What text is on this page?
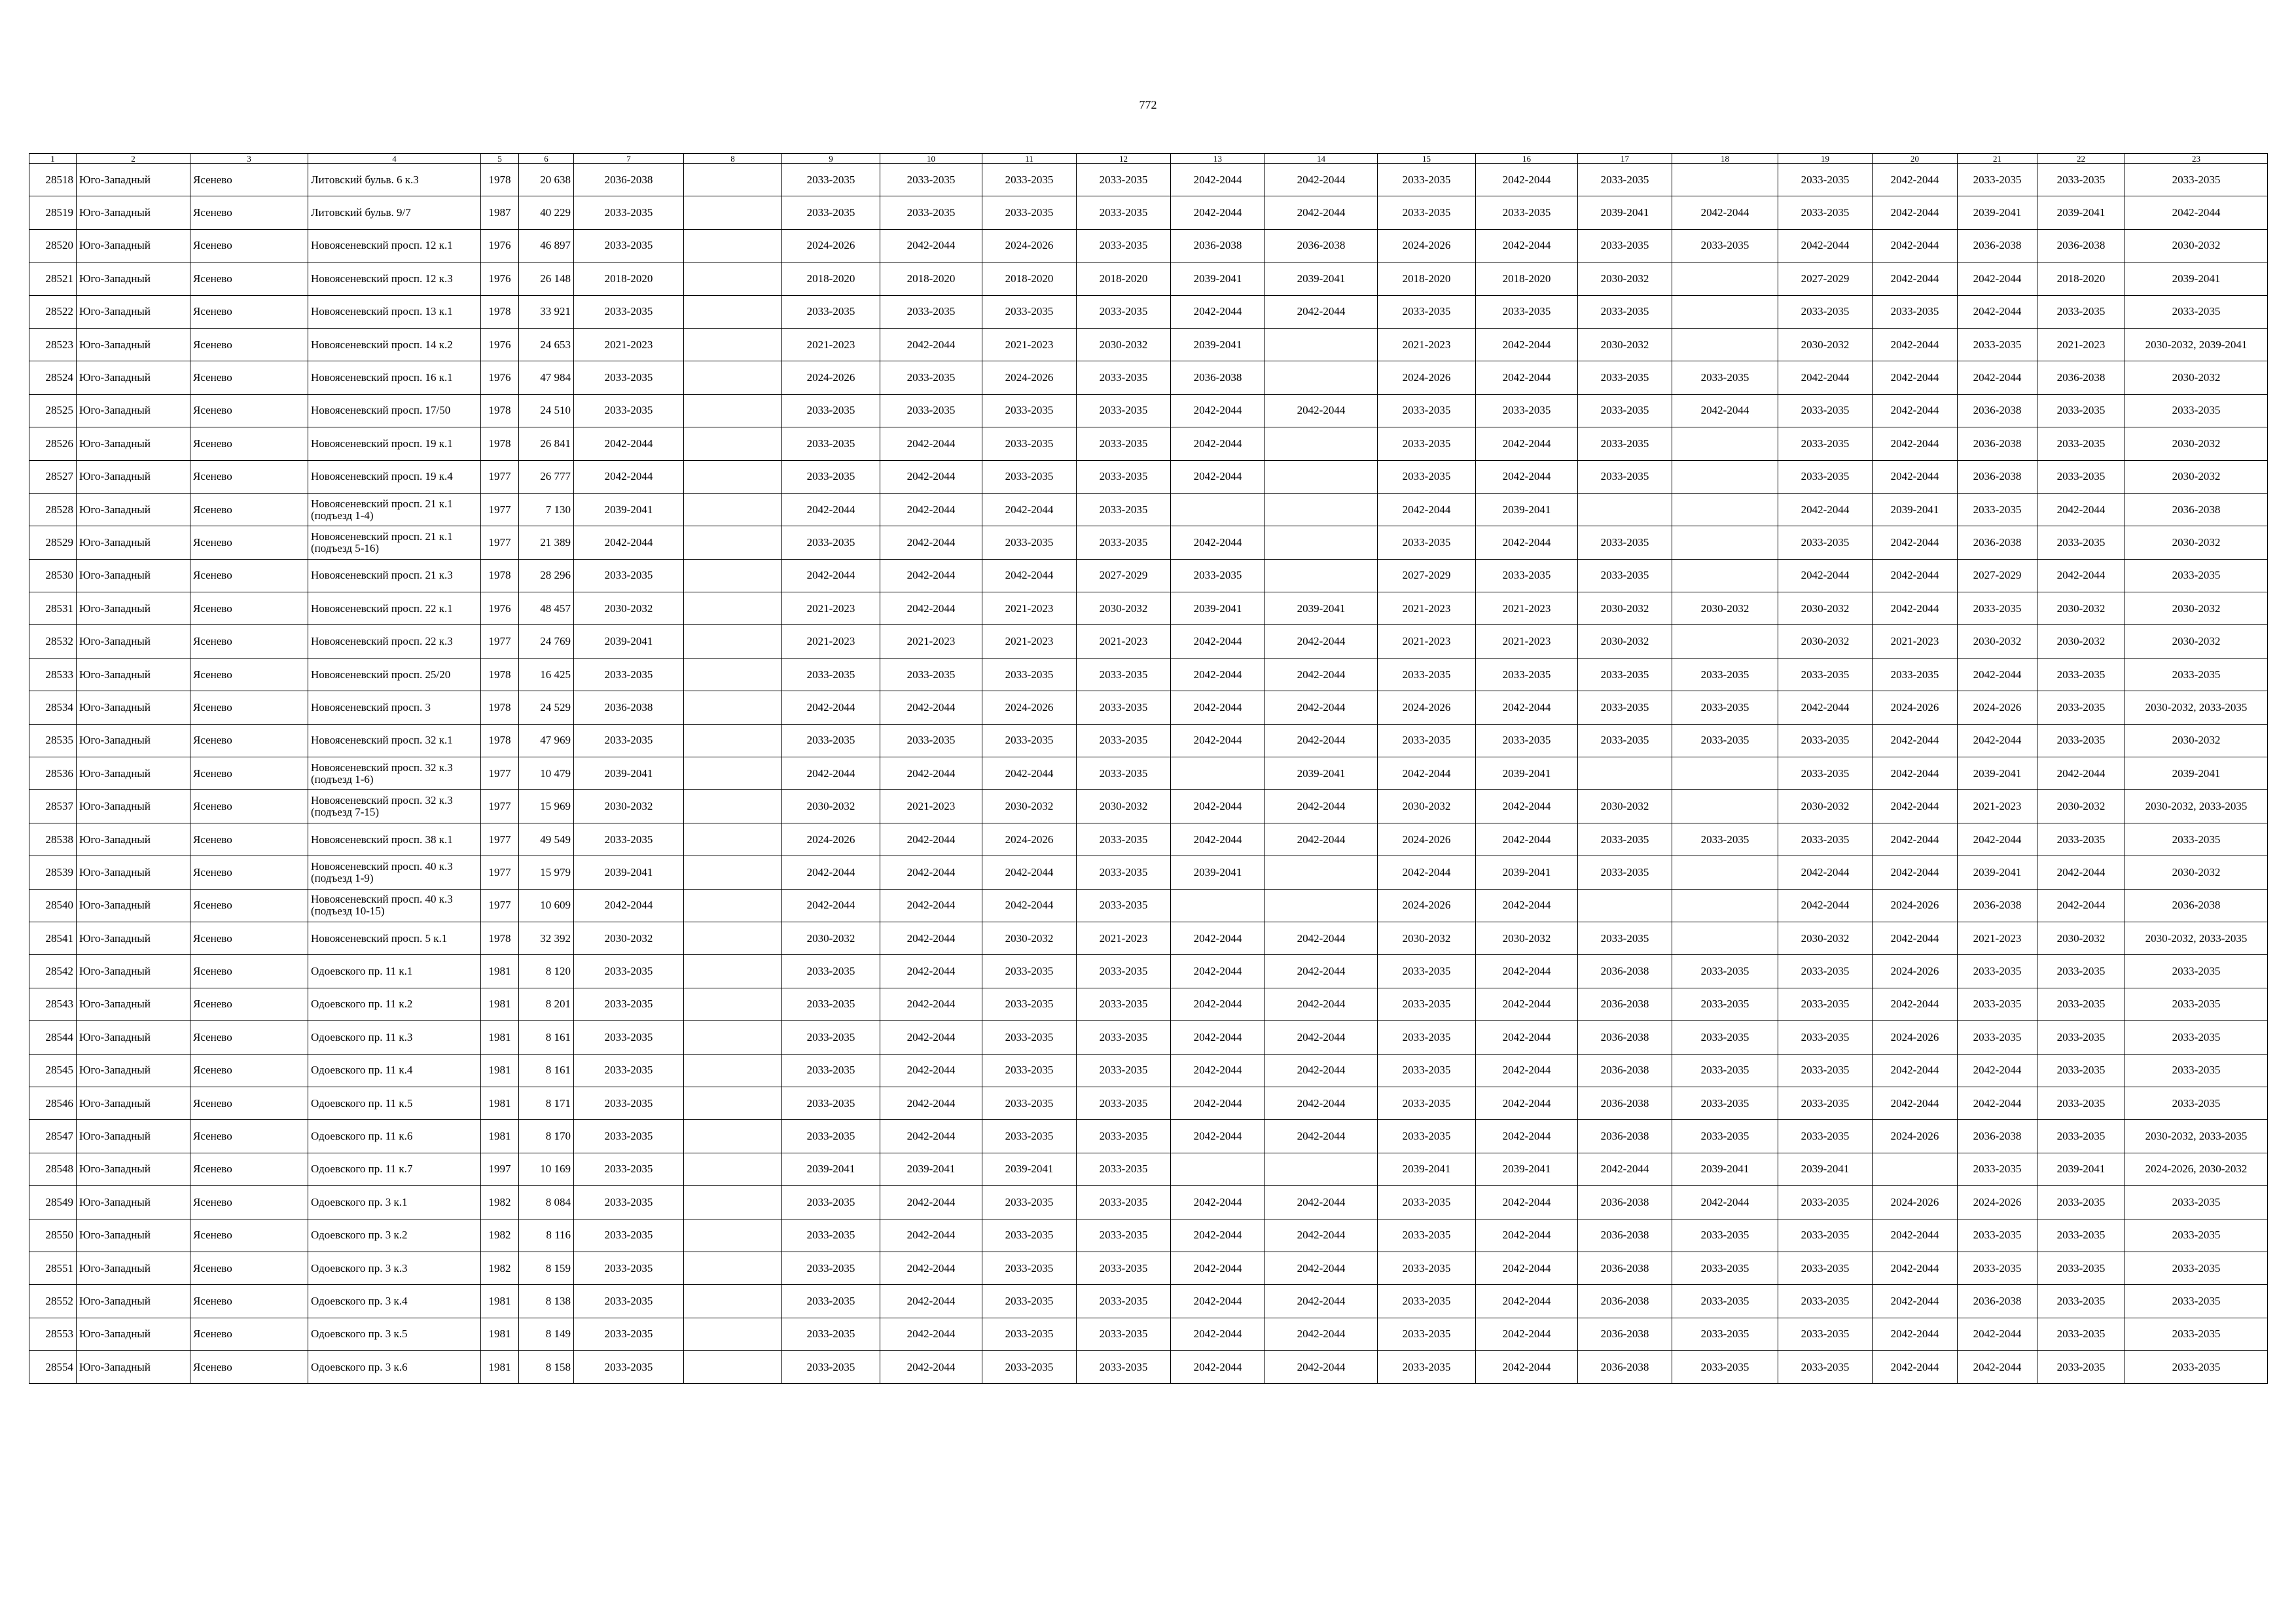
772
1	2	3	4	5	6	7	8	9	10	11	12	13	14	15	16	17	18	19	20	21	22	23
28518	Юго-Западный	Ясенево	Литовский бульв. 6 к.3	1978	20 638	2036-2038		2033-2035	2033-2035	2033-2035	2033-2035	2042-2044	2042-2044	2033-2035	2042-2044	2033-2035		2033-2035	2042-2044	2033-2035	2033-2035	2033-2035
28519	Юго-Западный	Ясенево	Литовский бульв. 9/7	1987	40 229	2033-2035		2033-2035	2033-2035	2033-2035	2033-2035	2042-2044	2042-2044	2033-2035	2033-2035	2039-2041	2042-2044	2033-2035	2042-2044	2039-2041	2039-2041	2042-2044
28520	Юго-Западный	Ясенево	Новоясеневский просп. 12 к.1	1976	46 897	2033-2035		2024-2026	2042-2044	2024-2026	2033-2035	2036-2038	2036-2038	2024-2026	2042-2044	2033-2035	2033-2035	2042-2044	2042-2044	2036-2038	2036-2038	2030-2032
28521	Юго-Западный	Ясенево	Новоясеневский просп. 12 к.3	1976	26 148	2018-2020		2018-2020	2018-2020	2018-2020	2018-2020	2039-2041	2039-2041	2018-2020	2018-2020	2030-2032		2027-2029	2042-2044	2042-2044	2018-2020	2039-2041
28522	Юго-Западный	Ясенево	Новоясеневский просп. 13 к.1	1978	33 921	2033-2035		2033-2035	2033-2035	2033-2035	2033-2035	2042-2044	2042-2044	2033-2035	2033-2035	2033-2035		2033-2035	2033-2035	2042-2044	2033-2035	2033-2035
28523	Юго-Западный	Ясенево	Новоясеневский просп. 14 к.2	1976	24 653	2021-2023		2021-2023	2042-2044	2021-2023	2030-2032	2039-2041		2021-2023	2042-2044	2030-2032		2030-2032	2042-2044	2033-2035	2021-2023	2030-2032, 2039-2041
28524	Юго-Западный	Ясенево	Новоясеневский просп. 16 к.1	1976	47 984	2033-2035		2024-2026	2033-2035	2024-2026	2033-2035	2036-2038		2024-2026	2042-2044	2033-2035	2033-2035	2042-2044	2042-2044	2042-2044	2036-2038	2030-2032
28525	Юго-Западный	Ясенево	Новоясеневский просп. 17/50	1978	24 510	2033-2035		2033-2035	2033-2035	2033-2035	2033-2035	2042-2044	2042-2044	2033-2035	2033-2035	2033-2035	2042-2044	2033-2035	2042-2044	2036-2038	2033-2035	2033-2035
28526	Юго-Западный	Ясенево	Новоясеневский просп. 19 к.1	1978	26 841	2042-2044		2033-2035	2042-2044	2033-2035	2033-2035	2042-2044		2033-2035	2042-2044	2033-2035		2033-2035	2042-2044	2036-2038	2033-2035	2030-2032
28527	Юго-Западный	Ясенево	Новоясеневский просп. 19 к.4	1977	26 777	2042-2044		2033-2035	2042-2044	2033-2035	2033-2035	2042-2044		2033-2035	2042-2044	2033-2035		2033-2035	2042-2044	2036-2038	2033-2035	2030-2032
28528	Юго-Западный	Ясенево	Новоясеневский просп. 21 к.1 (подъезд 1-4)	1977	7 130	2039-2041		2042-2044	2042-2044	2042-2044	2033-2035			2042-2044	2039-2041			2042-2044	2039-2041	2033-2035	2042-2044	2036-2038
28529	Юго-Западный	Ясенево	Новоясеневский просп. 21 к.1 (подъезд 5-16)	1977	21 389	2042-2044		2033-2035	2042-2044	2033-2035	2033-2035	2042-2044		2033-2035	2042-2044	2033-2035		2033-2035	2042-2044	2036-2038	2033-2035	2030-2032
28530	Юго-Западный	Ясенево	Новоясеневский просп. 21 к.3	1978	28 296	2033-2035		2042-2044	2042-2044	2042-2044	2027-2029	2033-2035		2027-2029	2033-2035	2033-2035		2042-2044	2042-2044	2027-2029	2042-2044	2033-2035
28531	Юго-Западный	Ясенево	Новоясеневский просп. 22 к.1	1976	48 457	2030-2032		2021-2023	2042-2044	2021-2023	2030-2032	2039-2041	2039-2041	2021-2023	2021-2023	2030-2032	2030-2032	2030-2032	2042-2044	2033-2035	2030-2032	2030-2032
28532	Юго-Западный	Ясенево	Новоясеневский просп. 22 к.3	1977	24 769	2039-2041		2021-2023	2021-2023	2021-2023	2021-2023	2042-2044	2042-2044	2021-2023	2021-2023	2030-2032		2030-2032	2021-2023	2030-2032	2030-2032	2030-2032
28533	Юго-Западный	Ясенево	Новоясеневский просп. 25/20	1978	16 425	2033-2035		2033-2035	2033-2035	2033-2035	2033-2035	2042-2044	2042-2044	2033-2035	2033-2035	2033-2035	2033-2035	2033-2035	2033-2035	2042-2044	2033-2035	2033-2035
28534	Юго-Западный	Ясенево	Новоясеневский просп. 3	1978	24 529	2036-2038		2042-2044	2042-2044	2024-2026	2033-2035	2042-2044	2042-2044	2024-2026	2042-2044	2033-2035	2033-2035	2042-2044	2024-2026	2024-2026	2033-2035	2030-2032, 2033-2035
28535	Юго-Западный	Ясенево	Новоясеневский просп. 32 к.1	1978	47 969	2033-2035		2033-2035	2033-2035	2033-2035	2033-2035	2042-2044	2042-2044	2033-2035	2033-2035	2033-2035	2033-2035	2033-2035	2042-2044	2042-2044	2033-2035	2030-2032
28536	Юго-Западный	Ясенево	Новоясеневский просп. 32 к.3 (подъезд 1-6)	1977	10 479	2039-2041		2042-2044	2042-2044	2042-2044	2033-2035		2039-2041	2042-2044	2039-2041			2033-2035	2042-2044	2039-2041	2042-2044	2039-2041
28537	Юго-Западный	Ясенево	Новоясеневский просп. 32 к.3 (подъезд 7-15)	1977	15 969	2030-2032		2030-2032	2021-2023	2030-2032	2030-2032	2042-2044	2042-2044	2030-2032	2042-2044	2030-2032		2030-2032	2042-2044	2021-2023	2030-2032	2030-2032, 2033-2035
28538	Юго-Западный	Ясенево	Новоясеневский просп. 38 к.1	1977	49 549	2033-2035		2024-2026	2042-2044	2024-2026	2033-2035	2042-2044	2042-2044	2024-2026	2042-2044	2033-2035	2033-2035	2033-2035	2042-2044	2042-2044	2033-2035	2033-2035
28539	Юго-Западный	Ясенево	Новоясеневский просп. 40 к.3 (подъезд 1-9)	1977	15 979	2039-2041		2042-2044	2042-2044	2042-2044	2033-2035	2039-2041		2042-2044	2039-2041	2033-2035		2042-2044	2042-2044	2039-2041	2042-2044	2030-2032
28540	Юго-Западный	Ясенево	Новоясеневский просп. 40 к.3 (подъезд 10-15)	1977	10 609	2042-2044		2042-2044	2042-2044	2042-2044	2033-2035			2024-2026	2042-2044			2042-2044	2024-2026	2036-2038	2042-2044	2036-2038
28541	Юго-Западный	Ясенево	Новоясеневский просп. 5 к.1	1978	32 392	2030-2032		2030-2032	2042-2044	2030-2032	2021-2023	2042-2044	2042-2044	2030-2032	2030-2032	2033-2035		2030-2032	2042-2044	2021-2023	2030-2032	2030-2032, 2033-2035
28542	Юго-Западный	Ясенево	Одоевского пр. 11 к.1	1981	8 120	2033-2035		2033-2035	2042-2044	2033-2035	2033-2035	2042-2044	2042-2044	2033-2035	2042-2044	2036-2038	2033-2035	2033-2035	2024-2026	2033-2035	2033-2035	2033-2035
28543	Юго-Западный	Ясенево	Одоевского пр. 11 к.2	1981	8 201	2033-2035		2033-2035	2042-2044	2033-2035	2033-2035	2042-2044	2042-2044	2033-2035	2042-2044	2036-2038	2033-2035	2033-2035	2042-2044	2033-2035	2033-2035	2033-2035
28544	Юго-Западный	Ясенево	Одоевского пр. 11 к.3	1981	8 161	2033-2035		2033-2035	2042-2044	2033-2035	2033-2035	2042-2044	2042-2044	2033-2035	2042-2044	2036-2038	2033-2035	2033-2035	2024-2026	2033-2035	2033-2035	2033-2035
28545	Юго-Западный	Ясенево	Одоевского пр. 11 к.4	1981	8 161	2033-2035		2033-2035	2042-2044	2033-2035	2033-2035	2042-2044	2042-2044	2033-2035	2042-2044	2036-2038	2033-2035	2033-2035	2042-2044	2042-2044	2033-2035	2033-2035
28546	Юго-Западный	Ясенево	Одоевского пр. 11 к.5	1981	8 171	2033-2035		2033-2035	2042-2044	2033-2035	2033-2035	2042-2044	2042-2044	2033-2035	2042-2044	2036-2038	2033-2035	2033-2035	2042-2044	2042-2044	2033-2035	2033-2035
28547	Юго-Западный	Ясенево	Одоевского пр. 11 к.6	1981	8 170	2033-2035		2033-2035	2042-2044	2033-2035	2033-2035	2042-2044	2042-2044	2033-2035	2042-2044	2036-2038	2033-2035	2033-2035	2024-2026	2036-2038	2033-2035	2030-2032, 2033-2035
28548	Юго-Западный	Ясенево	Одоевского пр. 11 к.7	1997	10 169	2033-2035		2039-2041	2039-2041	2039-2041	2033-2035			2039-2041	2039-2041	2042-2044	2039-2041	2039-2041		2033-2035	2039-2041	2024-2026, 2030-2032
28549	Юго-Западный	Ясенево	Одоевского пр. 3 к.1	1982	8 084	2033-2035		2033-2035	2042-2044	2033-2035	2033-2035	2042-2044	2042-2044	2033-2035	2042-2044	2036-2038	2042-2044	2033-2035	2024-2026	2024-2026	2033-2035	2033-2035
28550	Юго-Западный	Ясенево	Одоевского пр. 3 к.2	1982	8 116	2033-2035		2033-2035	2042-2044	2033-2035	2033-2035	2042-2044	2042-2044	2033-2035	2042-2044	2036-2038	2033-2035	2033-2035	2042-2044	2033-2035	2033-2035	2033-2035
28551	Юго-Западный	Ясенево	Одоевского пр. 3 к.3	1982	8 159	2033-2035		2033-2035	2042-2044	2033-2035	2033-2035	2042-2044	2042-2044	2033-2035	2042-2044	2036-2038	2033-2035	2033-2035	2042-2044	2033-2035	2033-2035	2033-2035
28552	Юго-Западный	Ясенево	Одоевского пр. 3 к.4	1981	8 138	2033-2035		2033-2035	2042-2044	2033-2035	2033-2035	2042-2044	2042-2044	2033-2035	2042-2044	2036-2038	2033-2035	2033-2035	2042-2044	2036-2038	2033-2035	2033-2035
28553	Юго-Западный	Ясенево	Одоевского пр. 3 к.5	1981	8 149	2033-2035		2033-2035	2042-2044	2033-2035	2033-2035	2042-2044	2042-2044	2033-2035	2042-2044	2036-2038	2033-2035	2033-2035	2042-2044	2042-2044	2033-2035	2033-2035
28554	Юго-Западный	Ясенево	Одоевского пр. 3 к.6	1981	8 158	2033-2035		2033-2035	2042-2044	2033-2035	2033-2035	2042-2044	2042-2044	2033-2035	2042-2044	2036-2038	2033-2035	2033-2035	2042-2044	2042-2044	2033-2035	2033-2035
